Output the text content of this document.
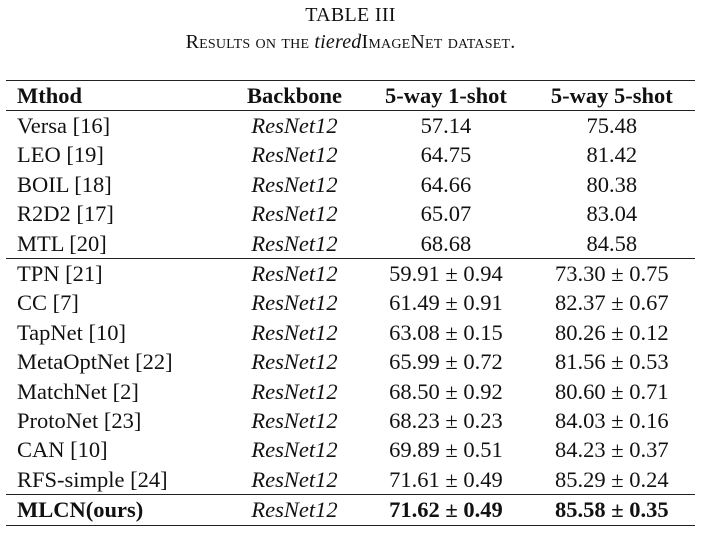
TABLE III
Results on the tieredImageNet dataset.
Mthod	Backbone	5-way 1-shot	5-way 5-shot
Versa [16]	ResNet12	57.14	75.48
LEO [19]	ResNet12	64.75	81.42
BOIL [18]	ResNet12	64.66	80.38
R2D2 [17]	ResNet12	65.07	83.04
MTL [20]	ResNet12	68.68	84.58
TPN [21]	ResNet12	59.91 ± 0.94	73.30 ± 0.75
CC [7]	ResNet12	61.49 ± 0.91	82.37 ± 0.67
TapNet [10]	ResNet12	63.08 ± 0.15	80.26 ± 0.12
MetaOptNet [22]	ResNet12	65.99 ± 0.72	81.56 ± 0.53
MatchNet [2]	ResNet12	68.50 ± 0.92	80.60 ± 0.71
ProtoNet [23]	ResNet12	68.23 ± 0.23	84.03 ± 0.16
CAN [10]	ResNet12	69.89 ± 0.51	84.23 ± 0.37
RFS-simple [24]	ResNet12	71.61 ± 0.49	85.29 ± 0.24
MLCN(ours)	ResNet12	71.62 ± 0.49	85.58 ± 0.35
